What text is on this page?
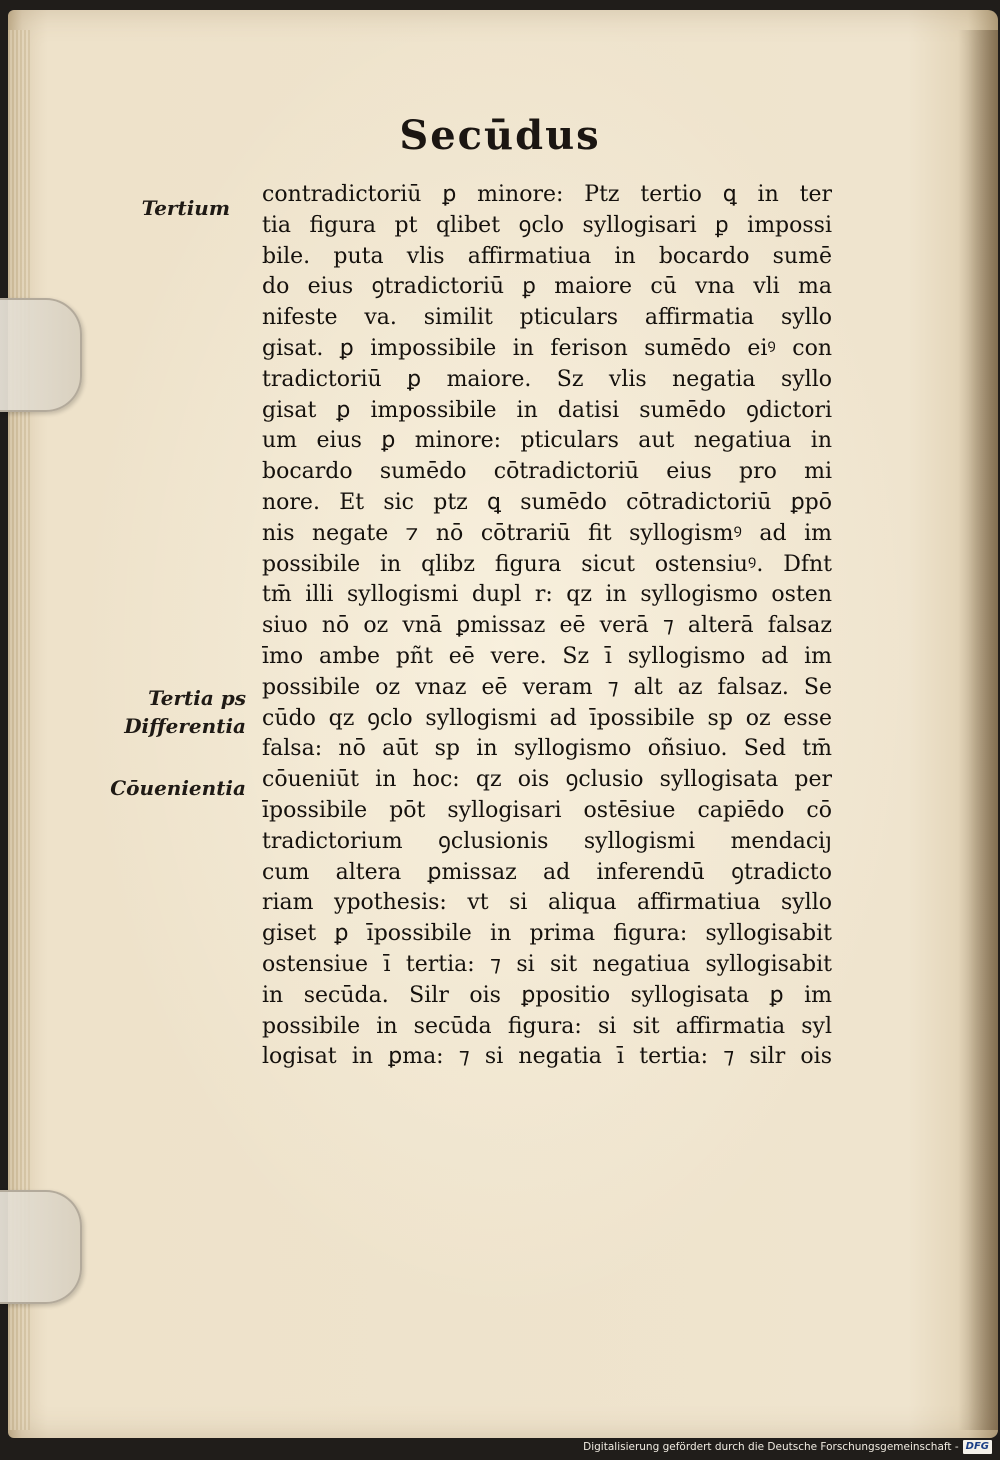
Secūdus
Tertium
Tertia ps
Differentia
Cōuenientia
contradictoriū ꝑ minore: Ptz tertio ꝗ in ter
tia figura pt qlibet ꝯclo syllogisari ꝑ impossi
bile. puta vlis affirmatiua in bocardo sumē
do eius ꝯtradictoriū ꝑ maiore cū vna vli ma
nifeste va. similit pticulars affirmatia syllo
gisat. ꝑ impossibile in ferison sumēdo eiꝰ con
tradictoriū ꝑ maiore. Sz vlis negatia syllo
gisat ꝑ impossibile in datisi sumēdo ꝯdictori
um eius ꝑ minore: pticulars aut negatiua in
bocardo sumēdo cōtradictoriū eius pro mi
nore. Et sic ptz ꝗ sumēdo cōtradictoriū ꝑpō
nis negate ⁊ nō cōtrariū fit syllogismꝰ ad im
possibile in qlibz figura sicut ostensiuꝰ. Dfnt
tm̄ illi syllogismi dupl r: qz in syllogismo osten
siuo nō oz vnā ꝑmissaz eē verā ⁊ alterā falsaz
īmo ambe pñt eē vere. Sz ī syllogismo ad im
possibile oz vnaz eē veram ⁊ alt az falsaz. Se
cūdo qz ꝯclo syllogismi ad īpossibile sp oz esse
falsa: nō aūt sp in syllogismo oñsiuo. Sed tm̄
cōueniūt in hoc: qz ois ꝯclusio syllogisata per
īpossibile pōt syllogisari ostēsiue capiēdo cō
tradictorium ꝯclusionis syllogismi mendaciȷ
cum altera ꝑmissaz ad inferendū ꝯtradicto
riam ypothesis: vt si aliqua affirmatiua syllo
giset ꝑ īpossibile in prima figura: syllogisabit
ostensiue ī tertia: ⁊ si sit negatiua syllogisabit
in secūda. Silr ois ꝑpositio syllogisata ꝑ im
possibile in secūda figura: si sit affirmatia syl
logisat in ꝑma: ⁊ si negatia ī tertia: ⁊ silr ois
Digitalisierung gefördert durch die Deutsche Forschungsgemeinschaft - DFG
